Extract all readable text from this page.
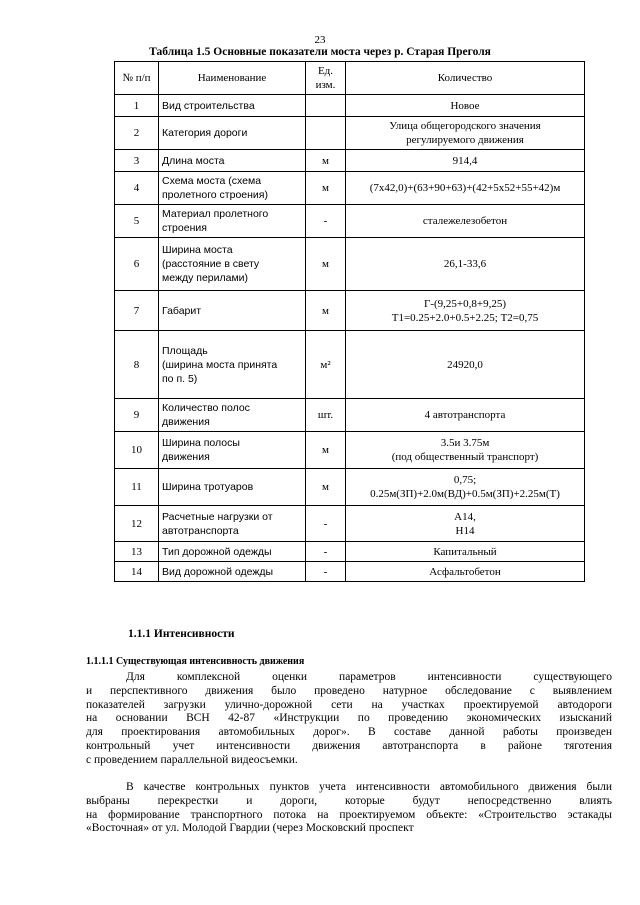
23
Таблица 1.5 Основные показатели моста через р. Старая Преголя
№ п/п	Наименование	Ед. изм.	Количество
1	Вид строительства		Новое

2	Категория дороги		Улица общегородского значения
регулируемого движения

3	Длина моста	м	914,4

4	Схема моста (схема
пролетного строения)	м	(7х42,0)+(63+90+63)+(42+5х52+55+42)м

5	Материал пролетного
строения	-	сталежелезобетон

6	Ширина моста
(расстояние в свету
между перилами)	м	26,1-33,6

7	Габарит	м	Г-(9,25+0,8+9,25)
Т1=0.25+2.0+0.5+2.25; Т2=0,75

8	Площадь
(ширина моста принята
по п. 5)	м²	24920,0

9	Количество полос
движения	шт.	4 автотранспорта

10	Ширина полосы
движения	м	3.5и 3.75м
(под общественный транспорт)

11	Ширина тротуаров	м	0,75;
0.25м(ЗП)+2.0м(ВД)+0.5м(ЗП)+2.25м(Т)

12	Расчетные нагрузки от
автотранспорта	-	А14,
Н14

13	Тип дорожной одежды	-	Капитальный

14	Вид дорожной одежды	-	Асфальтобетон
1.1.1 Интенсивности
1.1.1.1 Существующая интенсивность движения
Для комплексной оценки параметров интенсивности существующего
и перспективного движения было проведено натурное обследование с выявлением
показателей загрузки улично-дорожной сети на участках проектируемой автодороги
на основании ВСН 42-87 «Инструкции по проведению экономических изысканий
для проектирования автомобильных дорог». В составе данной работы произведен
контрольный учет интенсивности движения автотранспорта в районе тяготения
с проведением параллельной видеосъемки.
В качестве контрольных пунктов учета интенсивности автомобильного движения были
выбраны перекрестки и дороги, которые будут непосредственно влиять
на формирование транспортного потока на проектируемом объекте: «Строительство эстакады
«Восточная» от ул. Молодой Гвардии (через Московский проспект
